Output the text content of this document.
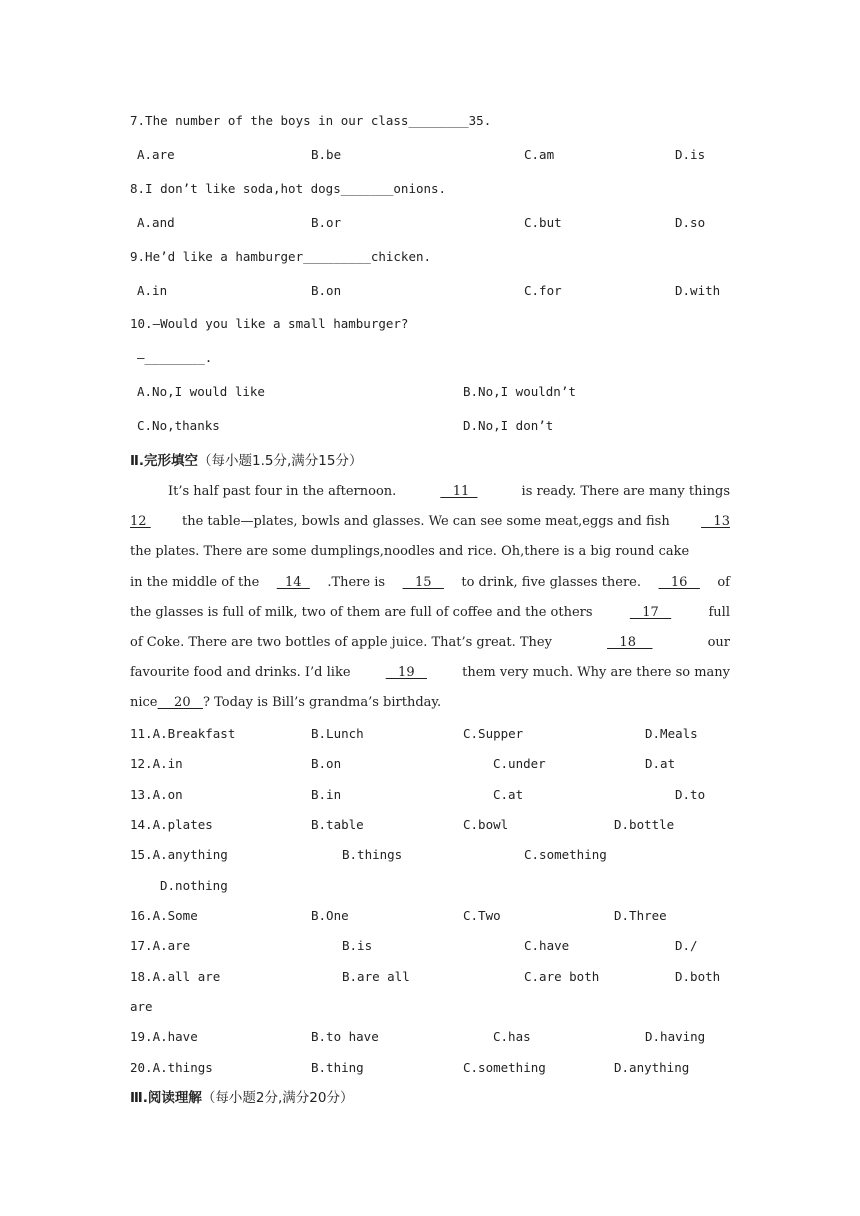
7.The number of the boys in our class________35.
A.are	B.be	C.am	D.is
8.I don’t like soda,hot dogs_______onions.
A.and	B.or	C.but	D.so
9.He’d like a hamburger_________chicken.
A.in	B.on	C.for	D.with
10.—Would you like a small hamburger?
—________.
A.No,I would like	B.No,I wouldn’t
C.No,thanks	D.No,I don’t
Ⅱ.完形填空（每小题1.5分,满分15分）
It’s half past four in the afternoon.	11	is ready. There are many things
12 the table—plates, bowls and glasses. We can see some meat,eggs and fish 13
the plates. There are some dumplings,noodles and rice. Oh,there is a big round cake
in the middle of the 14 .There is 15 to drink, five glasses there. 16 of
the glasses is full of milk, two of them are full of coffee and the others	17	full
of Coke. There are two bottles of apple juice. That’s great. They	18	our
favourite food and drinks. I’d like	19	them very much. Why are there so many
nice 20 ? Today is Bill’s grandma’s birthday.
11.A.Breakfast	B.Lunch	C.Supper	D.Meals
12.A.in	B.on	C.under	D.at
13.A.on	B.in	C.at	D.to
14.A.plates	B.table	C.bowl	D.bottle
15.A.anything	B.things	C.something
D.nothing
16.A.Some	B.One	C.Two	D.Three
17.A.are	B.is	C.have	D./
18.A.all are	B.are all	C.are both	D.both
are
19.A.have	B.to have	C.has	D.having
20.A.things	B.thing	C.something	D.anything
Ⅲ.阅读理解（每小题2分,满分20分）
